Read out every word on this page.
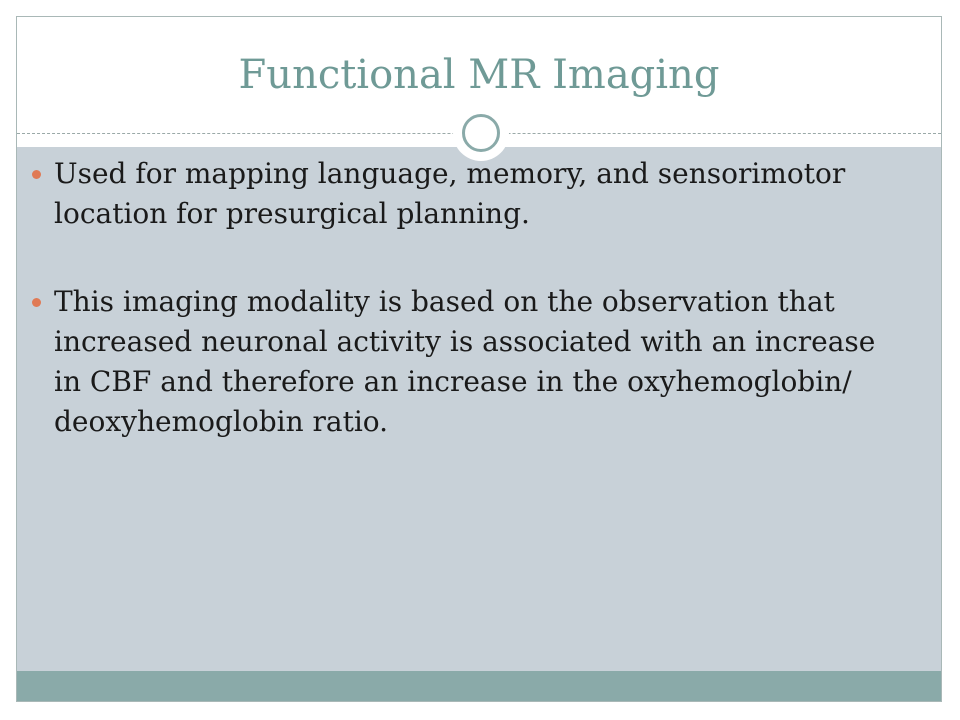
Functional MR Imaging
Used for mapping language, memory, and sensorimotor location for presurgical planning.
This imaging modality is based on the observation that increased neuronal activity is associated with an increase in CBF and therefore an increase in the oxyhemoglobin/ deoxyhemoglobin ratio.
